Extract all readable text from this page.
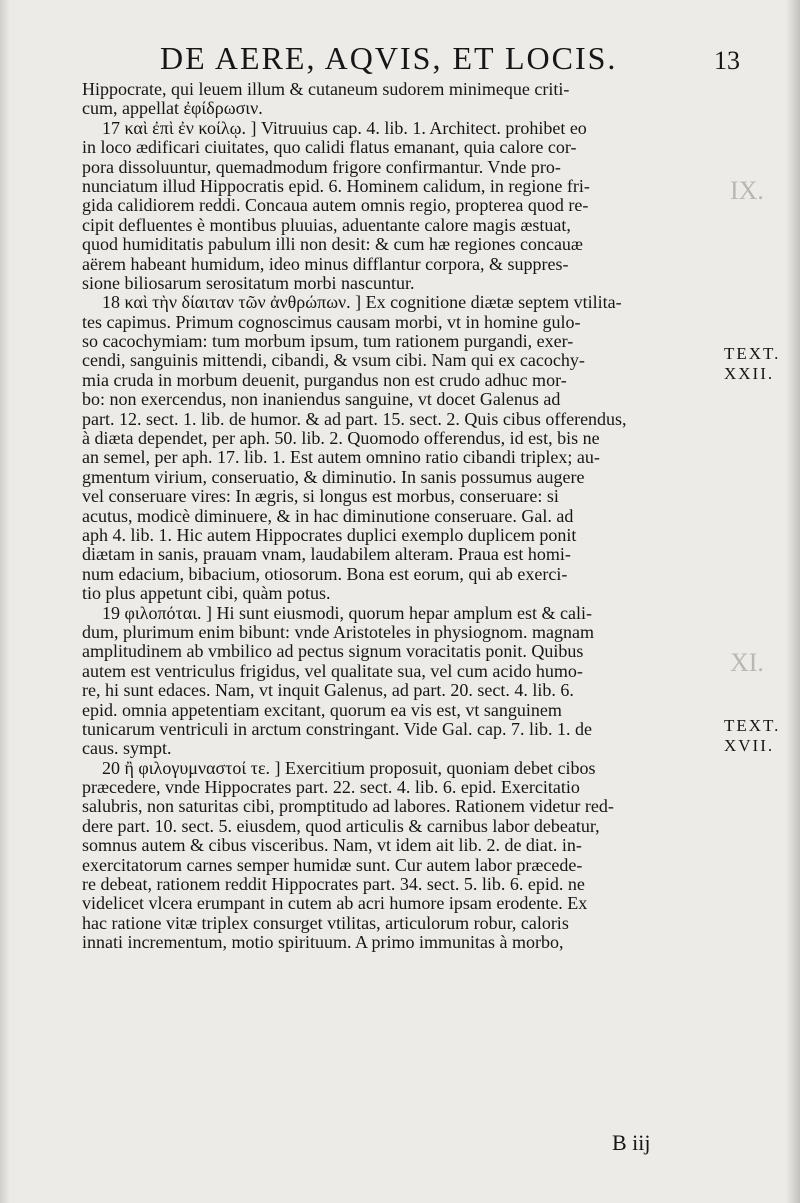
DE AERE, AQVIS, ET LOCIS.	13
IX.
XI.
TEXT.
XXII.
TEXT.
XVII.
Hippocrate, qui leuem illum & cutaneum sudorem minimeque criti-
cum, appellat ἐφίδρωσιν.
17 καὶ ἐπὶ ἐν κοίλῳ. ] Vitruuius cap. 4. lib. 1. Architect. prohibet eo
in loco ædificari ciuitates, quo calidi flatus emanant, quia calore cor-
pora dissoluuntur, quemadmodum frigore confirmantur. Vnde pro-
nunciatum illud Hippocratis epid. 6. Hominem calidum, in regione fri-
gida calidiorem reddi. Concaua autem omnis regio, propterea quod re-
cipit defluentes è montibus pluuias, aduentante calore magis æstuat,
quod humiditatis pabulum illi non desit: & cum hæ regiones concauæ
aërem habeant humidum, ideo minus difflantur corpora, & suppres-
sione biliosarum serositatum morbi nascuntur.
18 καὶ τὴν δίαιταν τῶν ἀνθρώπων. ] Ex cognitione diætæ septem vtilita-
tes capimus. Primum cognoscimus causam morbi, vt in homine gulo-
so cacochymiam: tum morbum ipsum, tum rationem purgandi, exer-
cendi, sanguinis mittendi, cibandi, & vsum cibi. Nam qui ex cacochy-
mia cruda in morbum deuenit, purgandus non est crudo adhuc mor-
bo: non exercendus, non inaniendus sanguine, vt docet Galenus ad
part. 12. sect. 1. lib. de humor. & ad part. 15. sect. 2. Quis cibus offerendus,
à diæta dependet, per aph. 50. lib. 2. Quomodo offerendus, id est, bis ne
an semel, per aph. 17. lib. 1. Est autem omnino ratio cibandi triplex; au-
gmentum virium, conseruatio, & diminutio. In sanis possumus augere
vel conseruare vires: In ægris, si longus est morbus, conseruare: si
acutus, modicè diminuere, & in hac diminutione conseruare. Gal. ad
aph 4. lib. 1. Hic autem Hippocrates duplici exemplo duplicem ponit
diætam in sanis, prauam vnam, laudabilem alteram. Praua est homi-
num edacium, bibacium, otiosorum. Bona est eorum, qui ab exerci-
tio plus appetunt cibi, quàm potus.
19 φιλοπόται. ] Hi sunt eiusmodi, quorum hepar amplum est & cali-
dum, plurimum enim bibunt: vnde Aristoteles in physiognom. magnam
amplitudinem ab vmbilico ad pectus signum voracitatis ponit. Quibus
autem est ventriculus frigidus, vel qualitate sua, vel cum acido humo-
re, hi sunt edaces. Nam, vt inquit Galenus, ad part. 20. sect. 4. lib. 6.
epid. omnia appetentiam excitant, quorum ea vis est, vt sanguinem
tunicarum ventriculi in arctum constringant. Vide Gal. cap. 7. lib. 1. de
caus. sympt.
20 ἢ φιλογυμναστοί τε. ] Exercitium proposuit, quoniam debet cibos
præcedere, vnde Hippocrates part. 22. sect. 4. lib. 6. epid. Exercitatio
salubris, non saturitas cibi, promptitudo ad labores. Rationem videtur red-
dere part. 10. sect. 5. eiusdem, quod articulis & carnibus labor debeatur,
somnus autem & cibus visceribus. Nam, vt idem ait lib. 2. de diat. in-
exercitatorum carnes semper humidæ sunt. Cur autem labor præcede-
re debeat, rationem reddit Hippocrates part. 34. sect. 5. lib. 6. epid. ne
videlicet vlcera erumpant in cutem ab acri humore ipsam erodente. Ex
hac ratione vitæ triplex consurget vtilitas, articulorum robur, caloris
innati incrementum, motio spirituum. A primo immunitas à morbo,
B iij
